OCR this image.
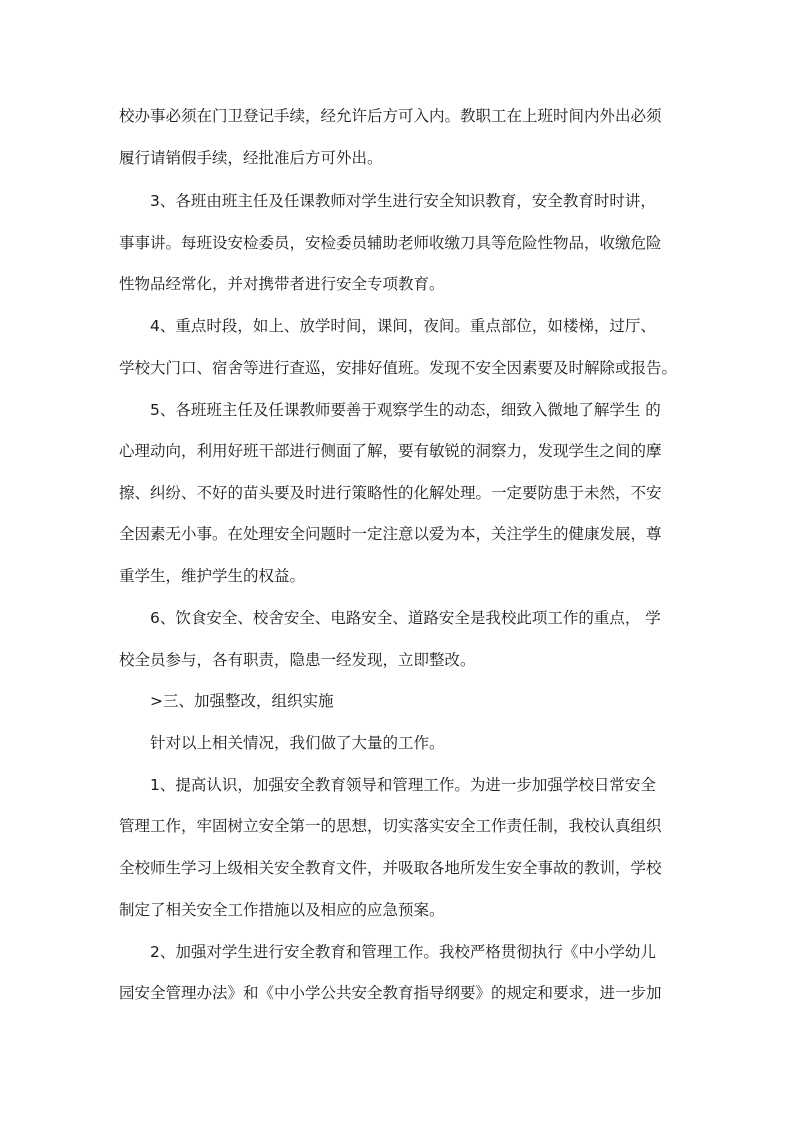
校办事必须在门卫登记手续，经允许后方可入内。教职工在上班时间内外出必须
履行请销假手续，经批准后方可外出。
3、各班由班主任及任课教师对学生进行安全知识教育，安全教育时时讲，
事事讲。每班设安检委员，安检委员辅助老师收缴刀具等危险性物品，收缴危险
性物品经常化，并对携带者进行安全专项教育。
4、重点时段，如上、放学时间，课间，夜间。重点部位，如楼梯，过厅、
学校大门口、宿舍等进行查巡，安排好值班。发现不安全因素要及时解除或报告。
5、各班班主任及任课教师要善于观察学生的动态，细致入微地了解学生 的
心理动向，利用好班干部进行侧面了解，要有敏锐的洞察力，发现学生之间的摩
擦、纠纷、不好的苗头要及时进行策略性的化解处理。一定要防患于未然，不安
全因素无小事。在处理安全问题时一定注意以爱为本，关注学生的健康发展，尊
重学生，维护学生的权益。
6、饮食安全、校舍安全、电路安全、道路安全是我校此项工作的重点， 学
校全员参与，各有职责，隐患一经发现，立即整改。
>三、加强整改，组织实施
针对以上相关情况，我们做了大量的工作。
1、提高认识，加强安全教育领导和管理工作。为进一步加强学校日常安全
管理工作，牢固树立安全第一的思想，切实落实安全工作责任制，我校认真组织
全校师生学习上级相关安全教育文件，并吸取各地所发生安全事故的教训，学校
制定了相关安全工作措施以及相应的应急预案。
2、加强对学生进行安全教育和管理工作。我校严格贯彻执行《中小学幼儿
园安全管理办法》和《中小学公共安全教育指导纲要》的规定和要求，进一步加
